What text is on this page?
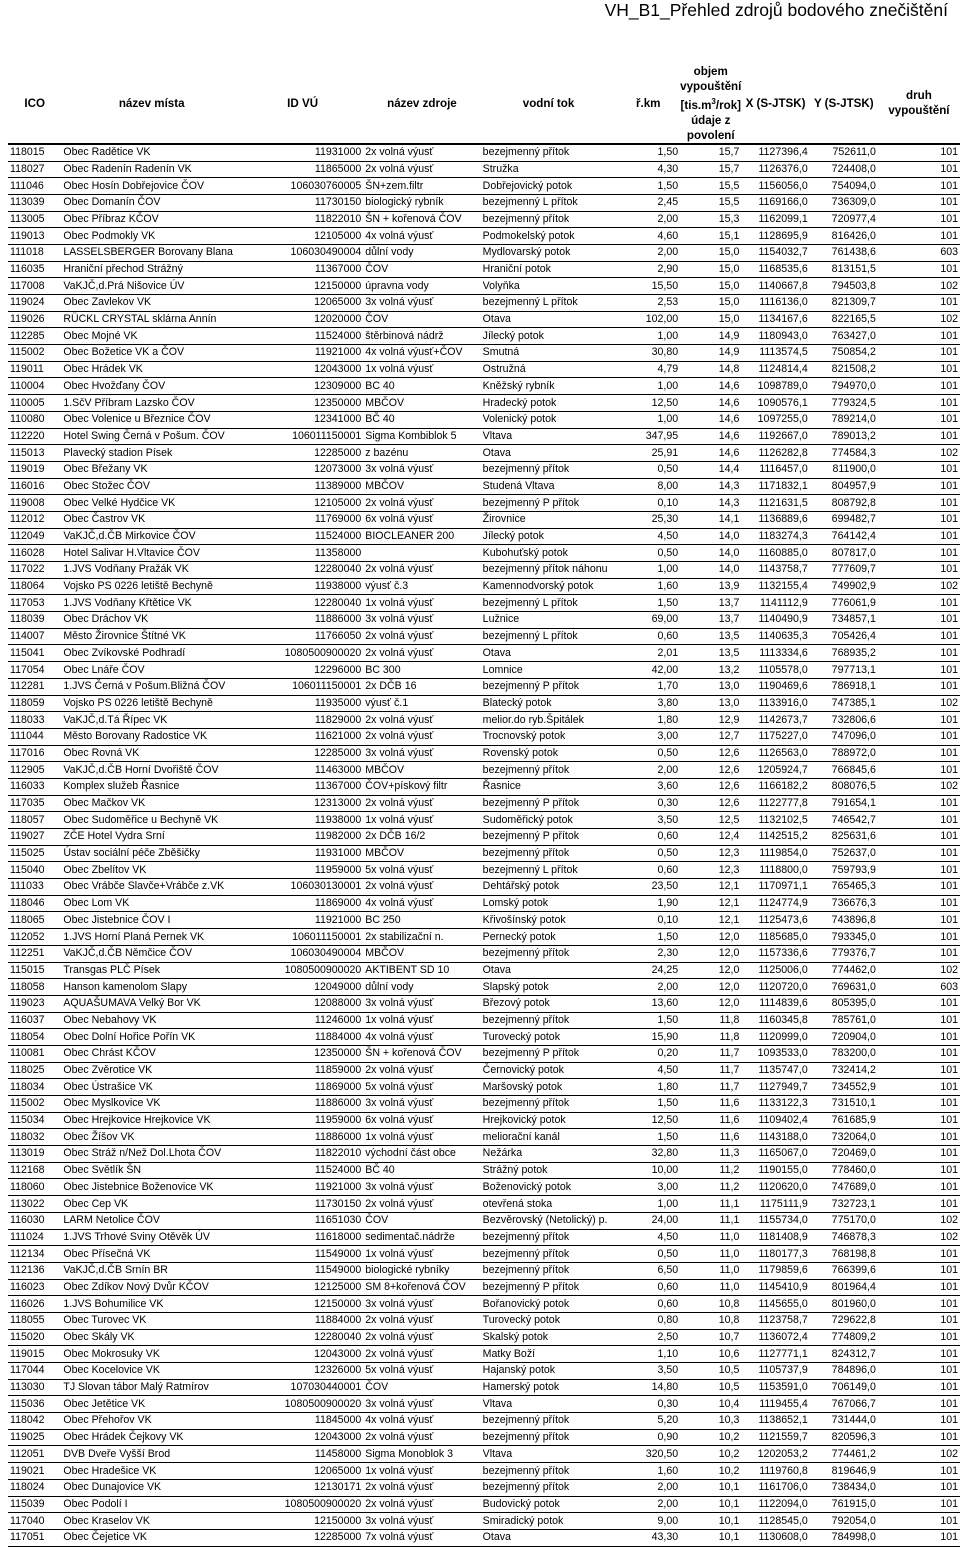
VH_B1_Přehled zdrojů bodového znečištění
ICO	název místa	ID VÚ	název zdroje	vodní tok	ř.km	objem vypouštění $[tis.m^3/rok]$ údaje z povolení	X (S-JTSK)	Y (S-JTSK)	druh vypouštění
118015	Obec Radětice VK	11931000	2x volná výusť	bezejmenný přítok	1,50	15,7	1127396,4	752611,0	101
118027	Obec Radenín Radenín VK	11865000	2x volná výusť	Stružka	4,30	15,7	1126376,0	724408,0	101
111046	Obec Hosín Dobřejovice ČOV	106030760005	ŠN+zem.filtr	Dobřejovický potok	1,50	15,5	1156056,0	754094,0	101
113039	Obec Domanín ČOV	11730150	biologický rybník	bezejmenný L přítok	2,45	15,5	1169166,0	736309,0	101
113005	Obec Příbraz KČOV	11822010	ŠN + kořenová ČOV	bezejmenný přítok	2,00	15,3	1162099,1	720977,4	101
119013	Obec Podmokly VK	12105000	4x volná výusť	Podmokelský potok	4,60	15,1	1128695,9	816426,0	101
111018	LASSELSBERGER Borovany Blana	106030490004	důlní vody	Mydlovarský potok	2,00	15,0	1154032,7	761438,6	603
116035	Hraniční přechod Strážný	11367000	ČOV	Hraniční potok	2,90	15,0	1168535,6	813151,5	101
117008	VaKJČ,d.Prá Nišovice ÚV	12150000	úpravna vody	Volyňka	15,50	15,0	1140667,8	794503,8	102
119024	Obec Zavlekov VK	12065000	3x volná výusť	bezejmenný L přítok	2,53	15,0	1116136,0	821309,7	101
119026	RÜCKL CRYSTAL sklárna Annín	12020000	ČOV	Otava	102,00	15,0	1134167,6	822165,5	102
112285	Obec Mojné VK	11524000	štěrbinová nádrž	Jílecký potok	1,00	14,9	1180943,0	763427,0	101
115002	Obec Božetice VK a ČOV	11921000	4x volná výusť+ČOV	Smutná	30,80	14,9	1113574,5	750854,2	101
119011	Obec Hrádek VK	12043000	1x volná výusť	Ostružná	4,79	14,8	1124814,4	821508,2	101
110004	Obec Hvožďany ČOV	12309000	BC 40	Kněžský rybník	1,00	14,6	1098789,0	794970,0	101
110005	1.SčV Příbram Lazsko ČOV	12350000	MBČOV	Hradecký potok	12,50	14,6	1090576,1	779324,5	101
110080	Obec Volenice u Březnice ČOV	12341000	BČ 40	Volenický potok	1,00	14,6	1097255,0	789214,0	101
112220	Hotel Swing Černá v Pošum. ČOV	106011150001	Sigma Kombiblok 5	Vltava	347,95	14,6	1192667,0	789013,2	101
115013	Plavecký stadion Písek	12285000	z bazénu	Otava	25,91	14,6	1126282,8	774584,3	102
119019	Obec Břežany VK	12073000	3x volná výusť	bezejmenný přítok	0,50	14,4	1116457,0	811900,0	101
116016	Obec Stožec ČOV	11389000	MBČOV	Studená Vltava	8,00	14,3	1171832,1	804957,9	101
119008	Obec Velké Hydčice VK	12105000	2x volná výusť	bezejmenný P přítok	0,10	14,3	1121631,5	808792,8	101
112012	Obec Častrov VK	11769000	6x volná výusť	Žirovnice	25,30	14,1	1136889,6	699482,7	101
112049	VaKJČ,d.ČB Mirkovice ČOV	11524000	BIOCLEANER 200	Jílecký potok	4,50	14,0	1183274,3	764142,4	101
116028	Hotel Salivar H.Vltavice ČOV	11358000		Kubohuťský potok	0,50	14,0	1160885,0	807817,0	101
117022	1.JVS Vodňany Pražák VK	12280040	2x volná výusť	bezejmenný přítok náhonu	1,00	14,0	1143758,7	777609,7	101
118064	Vojsko PS 0226 letiště Bechyně	11938000	výusť č.3	Kamennodvorský potok	1,60	13,9	1132155,4	749902,9	102
117053	1.JVS Vodňany Křtětice VK	12280040	1x volná výusť	bezejmenný L přítok	1,50	13,7	1141112,9	776061,9	101
118039	Obec Dráchov VK	11886000	3x volná výusť	Lužnice	69,00	13,7	1140490,9	734857,1	101
114007	Město Žirovnice Štítné VK	11766050	2x volná výusť	bezejmenný L přítok	0,60	13,5	1140635,3	705426,4	101
115041	Obec Zvíkovské Podhradí	1080500900020	2x volná výusť	Otava	2,01	13,5	1113334,6	768935,2	101
117054	Obec Lnáře ČOV	12296000	BC 300	Lomnice	42,00	13,2	1105578,0	797713,1	101
112281	1.JVS Černá v Pošum.Bližná ČOV	106011150001	2x DČB 16	bezejmenný P přítok	1,70	13,0	1190469,6	786918,1	101
118059	Vojsko PS 0226 letiště Bechyně	11935000	výusť č.1	Blatecký potok	3,80	13,0	1133916,0	747385,1	102
118033	VaKJČ,d.Tá Řípec VK	11829000	2x volná výusť	melior.do ryb.Špitálek	1,80	12,9	1142673,7	732806,6	101
111044	Město Borovany Radostice VK	11621000	2x volná výusť	Trocnovský potok	3,00	12,7	1175227,0	747096,0	101
117016	Obec Rovná VK	12285000	3x volná výusť	Rovenský potok	0,50	12,6	1126563,0	788972,0	101
112905	VaKJČ,d.ČB Horní Dvořiště ČOV	11463000	MBČOV	bezejmenný přítok	2,00	12,6	1205924,7	766845,6	101
116033	Komplex služeb Řasnice	11367000	ČOV+pískový filtr	Řasnice	3,60	12,6	1166182,2	808076,5	102
117035	Obec Mačkov VK	12313000	2x volná výusť	bezejmenný P přítok	0,30	12,6	1122777,8	791654,1	101
118057	Obec Sudoměřice u Bechyně VK	11938000	1x volná výusť	Sudoměřický potok	3,50	12,5	1132102,5	746542,7	101
119027	ZČE Hotel Vydra Srní	11982000	2x DČB 16/2	bezejmenný P přítok	0,60	12,4	1142515,2	825631,6	101
115025	Ústav sociální péče Zběšičky	11931000	MBČOV	bezejmenný přítok	0,50	12,3	1119854,0	752637,0	101
115040	Obec Zbelítov VK	11959000	5x volná výusť	bezejmenný L přítok	0,60	12,3	1118800,0	759793,9	101
111033	Obec Vrábče Slavče+Vrábče z.VK	106030130001	2x volná výusť	Dehtářský potok	23,50	12,1	1170971,1	765465,3	101
118046	Obec Lom VK	11869000	4x volná výusť	Lomský potok	1,90	12,1	1124774,9	736676,3	101
118065	Obec Jistebnice ČOV I	11921000	BC 250	Křivošínský potok	0,10	12,1	1125473,6	743896,8	101
112052	1.JVS Horní Planá Pernek VK	106011150001	2x stabilizační n.	Pernecký potok	1,50	12,0	1185685,0	793345,0	101
112251	VaKJČ,d.ČB Němčice ČOV	106030490004	MBČOV	bezejmenný přítok	2,30	12,0	1157336,6	779376,7	101
115015	Transgas PLČ Písek	1080500900020	AKTIBENT SD 10	Otava	24,25	12,0	1125006,0	774462,0	102
118058	Hanson kamenolom Slapy	12049000	důlní vody	Slapský potok	2,00	12,0	1120720,0	769631,0	603
119023	AQUAŠUMAVA Velký Bor VK	12088000	3x volná výusť	Březový potok	13,60	12,0	1114839,6	805395,0	101
116037	Obec Nebahovy VK	11246000	1x volná výusť	bezejmenný přítok	1,50	11,8	1160345,8	785761,0	101
118054	Obec Dolní Hořice Pořín VK	11884000	4x volná výusť	Turovecký potok	15,90	11,8	1120999,0	720904,0	101
110081	Obec Chrást KČOV	12350000	ŠN + kořenová ČOV	bezejmenný P přítok	0,20	11,7	1093533,0	783200,0	101
118025	Obec Zvěrotice VK	11859000	2x volná výusť	Černovický potok	4,50	11,7	1135747,0	732414,2	101
118034	Obec Ústrašice VK	11869000	5x volná výusť	Maršovský potok	1,80	11,7	1127949,7	734552,9	101
115002	Obec Myslkovice VK	11886000	3x volná výusť	bezejmenný přítok	1,50	11,6	1133122,3	731510,1	101
115034	Obec Hrejkovice Hrejkovice VK	11959000	6x volná výusť	Hrejkovický potok	12,50	11,6	1109402,4	761685,9	101
118032	Obec Žíšov VK	11886000	1x volná výusť	meliorační kanál	1,50	11,6	1143188,0	732064,0	101
113019	Obec Stráž n/Než Dol.Lhota ČOV	11822010	východní část obce	Nežárka	32,80	11,3	1165067,0	720469,0	101
112168	Obec Světlík ŠN	11524000	BČ 40	Strážný potok	10,00	11,2	1190155,0	778460,0	101
118060	Obec Jistebnice Boženovice VK	11921000	3x volná výusť	Boženovický potok	3,00	11,2	1120620,0	747689,0	101
113022	Obec Cep VK	11730150	2x volná výusť	otevřená stoka	1,00	11,1	1175111,9	732723,1	101
116030	LARM Netolice ČOV	11651030	ČOV	Bezvěrovský (Netolický) p.	24,00	11,1	1155734,0	775170,0	102
111024	1.JVS Trhové Sviny Otěvěk ÚV	11618000	sedimentač.nádrže	bezejmenný přítok	4,50	11,0	1181408,9	746878,3	102
112134	Obec Přísečná VK	11549000	1x volná výusť	bezejmenný přítok	0,50	11,0	1180177,3	768198,8	101
112136	VaKJČ,d.ČB Srnín BR	11549000	biologické rybníky	bezejmenný přítok	6,50	11,0	1179859,6	766399,6	101
116023	Obec Zdíkov Nový Dvůr KČOV	12125000	SM 8+kořenová ČOV	bezejmenný P přítok	0,60	11,0	1145410,9	801964,4	101
116026	1.JVS Bohumilice VK	12150000	3x volná výusť	Bořanovický potok	0,60	10,8	1145655,0	801960,0	101
118055	Obec Turovec VK	11884000	2x volná výusť	Turovecký potok	0,80	10,8	1123758,7	729622,8	101
115020	Obec Skály VK	12280040	2x volná výusť	Skalský potok	2,50	10,7	1136072,4	774809,2	101
119015	Obec Mokrosuky VK	12043000	2x volná výusť	Matky Boží	1,10	10,6	1127771,1	824312,7	101
117044	Obec Kocelovice VK	12326000	5x volná výusť	Hajanský potok	3,50	10,5	1105737,9	784896,0	101
113030	TJ Slovan tábor Malý Ratmírov	107030440001	ČOV	Hamerský potok	14,80	10,5	1153591,0	706149,0	101
115036	Obec Jetětice VK	1080500900020	3x volná výusť	Vltava	0,30	10,4	1119455,4	767066,7	101
118042	Obec Přehořov VK	11845000	4x volná výusť	bezejmenný přítok	5,20	10,3	1138652,1	731444,0	101
119025	Obec Hrádek Čejkovy VK	12043000	2x volná výusť	bezejmenný přítok	0,90	10,2	1121559,7	820596,3	101
112051	DVB Dveře Vyšší Brod	11458000	Sigma Monoblok 3	Vltava	320,50	10,2	1202053,2	774461,2	102
119021	Obec Hradešice VK	12065000	1x volná výusť	bezejmenný přítok	1,60	10,2	1119760,8	819646,9	101
118024	Obec Dunajovice VK	12130171	2x volná výusť	bezejmenný přítok	2,00	10,1	1161706,0	738434,0	101
115039	Obec Podolí I	1080500900020	2x volná výusť	Budovický potok	2,00	10,1	1122094,0	761915,0	101
117040	Obec Kraselov VK	12150000	3x volná výusť	Smiradický potok	9,00	10,1	1128545,0	792054,0	101
117051	Obec Čejetice VK	12285000	7x volná výusť	Otava	43,30	10,1	1130608,0	784998,0	101
